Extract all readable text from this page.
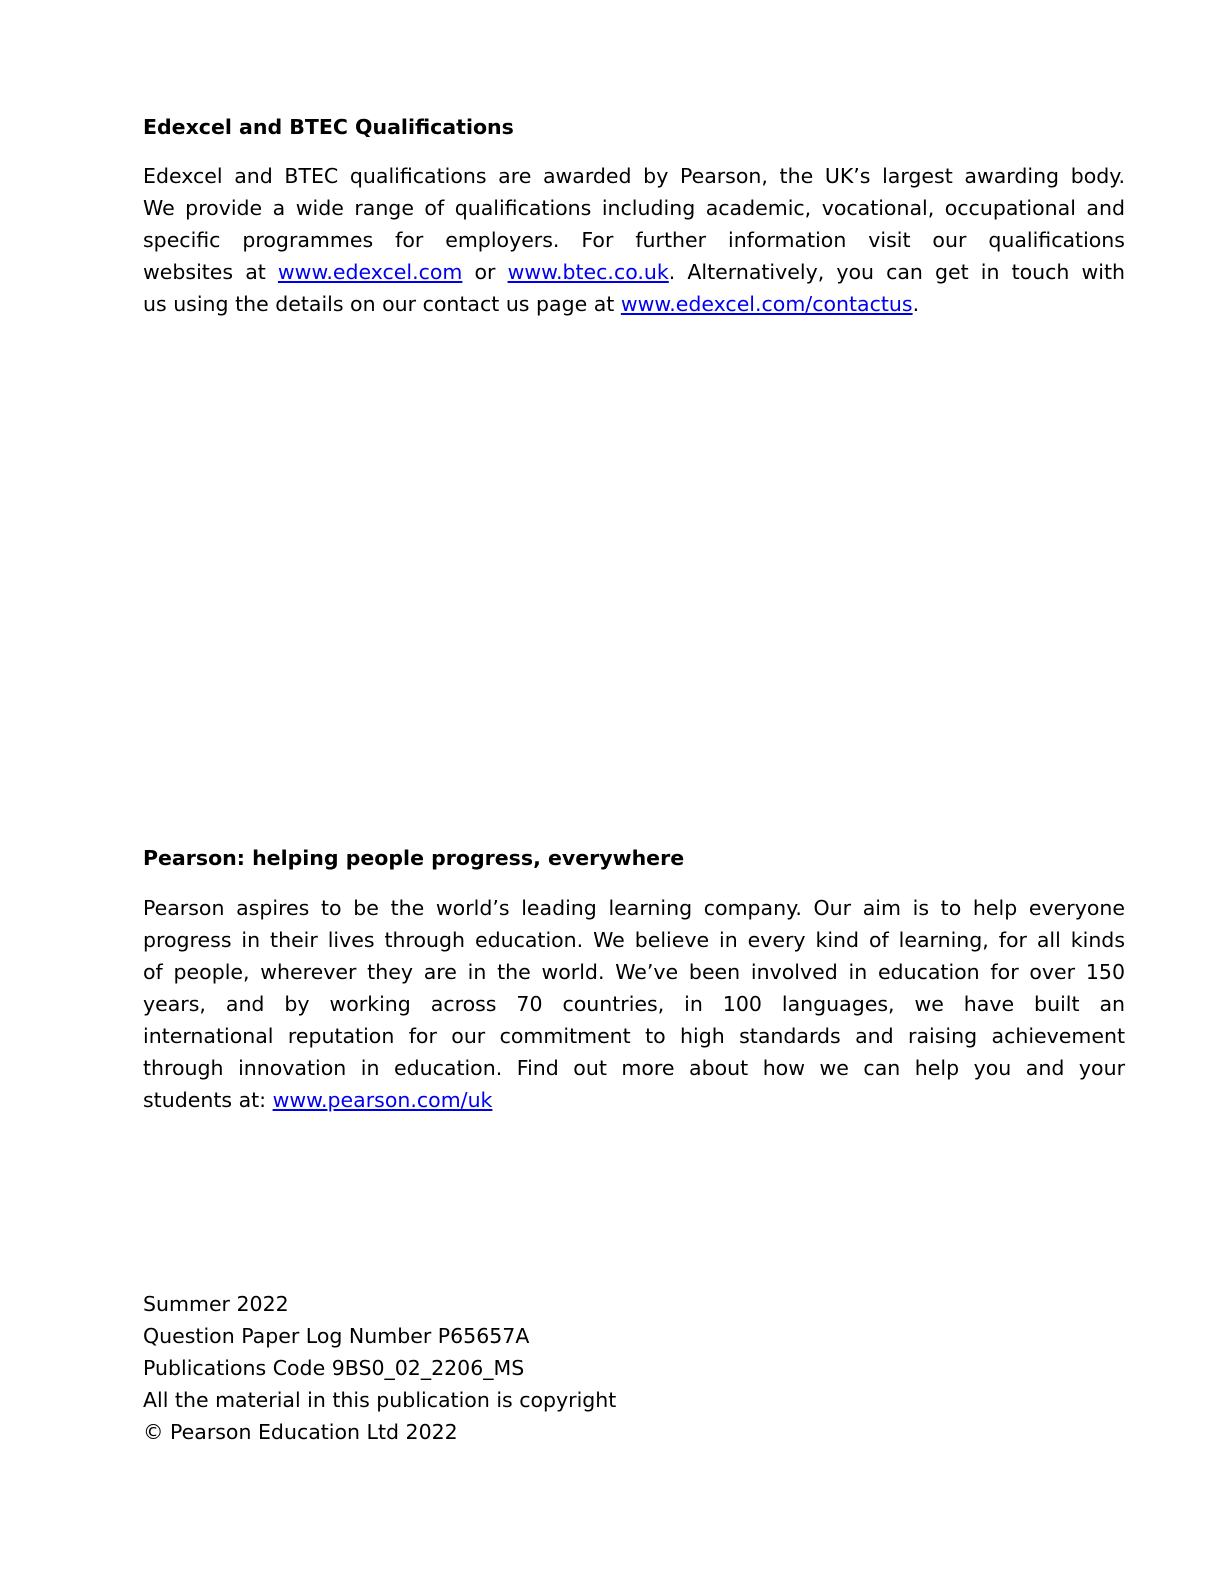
Edexcel and BTEC Qualifications
Edexcel and BTEC qualifications are awarded by Pearson, the UK’s largest awarding body.
We provide a wide range of qualifications including academic, vocational, occupational and
specific programmes for employers. For further information visit our qualifications
websites at www.edexcel.com or www.btec.co.uk. Alternatively, you can get in touch with
us using the details on our contact us page at www.edexcel.com/contactus.
Pearson: helping people progress, everywhere
Pearson aspires to be the world’s leading learning company. Our aim is to help everyone
progress in their lives through education. We believe in every kind of learning, for all kinds
of people, wherever they are in the world. We’ve been involved in education for over 150
years, and by working across 70 countries, in 100 languages, we have built an
international reputation for our commitment to high standards and raising achievement
through innovation in education. Find out more about how we can help you and your
students at: www.pearson.com/uk
Summer 2022
Question Paper Log Number P65657A
Publications Code 9BS0_02_2206_MS
All the material in this publication is copyright
© Pearson Education Ltd 2022
